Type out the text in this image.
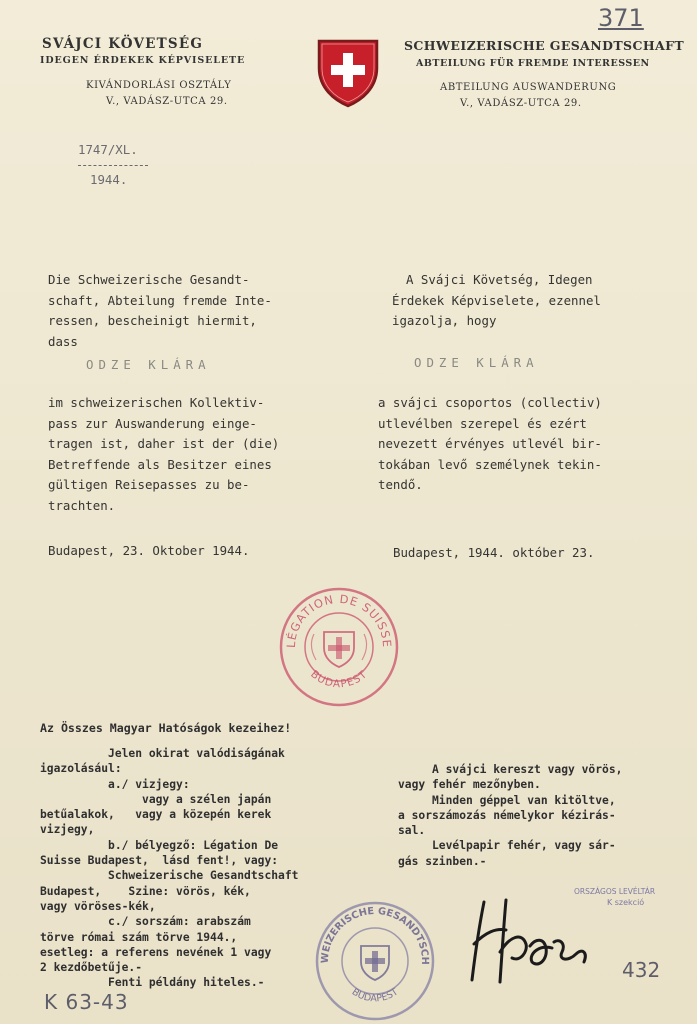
SVÁJCI KÖVETSÉG
IDEGEN ÉRDEKEK KÉPVISELETE
KIVÁNDORLÁSI OSZTÁLY
V., VADÁSZ-UTCA 29.
SCHWEIZERISCHE GESANDTSCHAFT
ABTEILUNG FÜR FREMDE INTERESSEN
ABTEILUNG AUSWANDERUNG
V., VADÁSZ-UTCA 29.
371
1747/XL.
1944.
Die Schweizerische Gesandt-
schaft, Abteilung fremde Inte-
ressen, bescheinigt hiermit,
dass
ODZE KLÁRA
im schweizerischen Kollektiv-
pass zur Auswanderung einge-
tragen ist, daher ist der (die)
Betreffende als Besitzer eines
gültigen Reisepasses zu be-
trachten.
Budapest, 23. Oktober 1944.
A Svájci Követség, Idegen
Érdekek Képviselete, ezennel
igazolja, hogy
ODZE KLÁRA
a svájci csoportos (collectiv)
utlevélben szerepel és ezért
nevezett érvényes utlevél bir-
tokában levő személynek tekin-
tendő.
Budapest, 1944. október 23.
LÉGATION DE SUISSE
BUDAPEST
Az Összes Magyar Hatóságok kezeihez!
Jelen okirat valódiságának
igazolásául:
a./ vizjegy:
vagy a szélen japán
betűalakok,   vagy a közepén kerek
vizjegy,
b./ bélyegző: Légation De
Suisse Budapest,  lásd fent!, vagy:
Schweizerische Gesandtschaft
Budapest,    Szine: vörös, kék,
vagy vöröses-kék,
c./ sorszám: arabszám
törve római szám törve 1944.,
esetleg: a referens nevének 1 vagy
2 kezdőbetűje.-
Fenti példány hiteles.-
A svájci kereszt vagy vörös,
vagy fehér mezőnyben.
Minden géppel van kitöltve,
a sorszámozás némelykor kézirás-
sal.
Levélpapir fehér, vagy sár-
gás szinben.-
ORSZÁGOS LEVÉLTÁR
K szekció
WEIZERISCHE GESANDTSCH
BUDAPEST
K 63-43
432
